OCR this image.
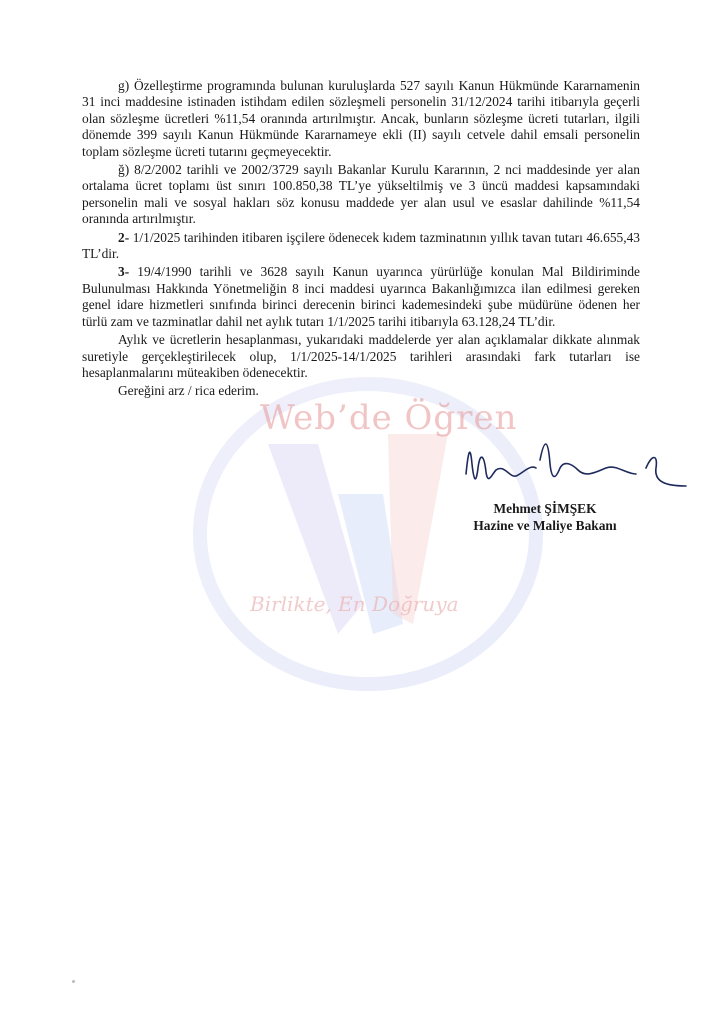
Web’de Öğren
Birlikte, En Doğruya

g) Özelleştirme programında bulunan kuruluşlarda 527 sayılı Kanun Hükmünde Kararnamenin 31 inci maddesine istinaden istihdam edilen sözleşmeli personelin 31/12/2024 tarihi itibarıyla geçerli olan sözleşme ücretleri %11,54 oranında artırılmıştır. Ancak, bunların sözleşme ücreti tutarları, ilgili dönemde 399 sayılı Kanun Hükmünde Kararnameye ekli (II) sayılı cetvele dahil emsali personelin toplam sözleşme ücreti tutarını geçmeyecektir.

ğ) 8/2/2002 tarihli ve 2002/3729 sayılı Bakanlar Kurulu Kararının, 2 nci maddesinde yer alan ortalama ücret toplamı üst sınırı 100.850,38 TL’ye yükseltilmiş ve 3 üncü maddesi kapsamındaki personelin mali ve sosyal hakları söz konusu maddede yer alan usul ve esaslar dahilinde %11,54 oranında artırılmıştır.

2- 1/1/2025 tarihinden itibaren işçilere ödenecek kıdem tazminatının yıllık tavan tutarı 46.655,43 TL’dir.

3- 19/4/1990 tarihli ve 3628 sayılı Kanun uyarınca yürürlüğe konulan Mal Bildiriminde Bulunulması Hakkında Yönetmeliğin 8 inci maddesi uyarınca Bakanlığımızca ilan edilmesi gereken genel idare hizmetleri sınıfında birinci derecenin birinci kademesindeki şube müdürüne ödenen her türlü zam ve tazminatlar dahil net aylık tutarı 1/1/2025 tarihi itibarıyla 63.128,24 TL’dir.

Aylık ve ücretlerin hesaplanması, yukarıdaki maddelerde yer alan açıklamalar dikkate alınmak suretiyle gerçekleştirilecek olup, 1/1/2025-14/1/2025 tarihleri arasındaki fark tutarları ise hesaplanmalarını müteakiben ödenecektir.

Gereğini arz / rica ederim.

Mehmet ŞİMŞEK
Hazine ve Maliye Bakanı
